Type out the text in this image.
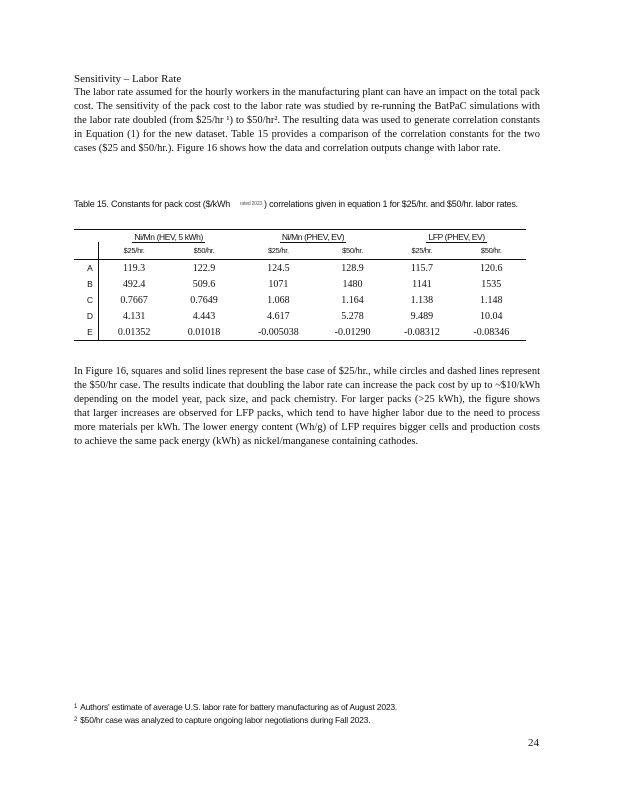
Sensitivity – Labor Rate

The labor rate assumed for the hourly workers in the manufacturing plant can have an impact on the total pack cost. The sensitivity of the pack cost to the labor rate was studied by re-running the BatPaC simulations with the labor rate doubled (from $25/hr ¹) to $50/hr². The resulting data was used to generate correlation constants in Equation (1) for the new dataset. Table 15 provides a comparison of the correlation constants for the two cases ($25 and $50/hr.). Figure 16 shows how the data and correlation outputs change with labor rate.

Table 15. Constants for pack cost ($/kWh rated 2023 ) correlations given in equation 1 for $25/hr. and $50/hr. labor rates.
		Ni/Mn (HEV, 5 kWh)		Ni/Mn (PHEV, EV)		LFP (PHEV, EV)	
		$25/hr.	$50/hr.	$25/hr.	$50/hr.	$25/hr.	$50/hr.
	A	119.3	122.9	124.5	128.9	115.7	120.6
	B	492.4	509.6	1071	1480	1141	1535
	C	0.7667	0.7649	1.068	1.164	1.138	1.148
	D	4.131	4.443	4.617	5.278	9.489	10.04
	E	0.01352	0.01018	-0.005038	-0.01290	-0.08312	-0.08346

In Figure 16, squares and solid lines represent the base case of $25/hr., while circles and dashed lines represent the $50/hr case. The results indicate that doubling the labor rate can increase the pack cost by up to ~$10/kWh depending on the model year, pack size, and pack chemistry. For larger packs (>25 kWh), the figure shows that larger increases are observed for LFP packs, which tend to have higher labor due to the need to process more materials per kWh. The lower energy content (Wh/g) of LFP requires bigger cells and production costs to achieve the same pack energy (kWh) as nickel/manganese containing cathodes.

$^1$ Authors' estimate of average U.S. labor rate for battery manufacturing as of August 2023.
$^2$ $50/hr case was analyzed to capture ongoing labor negotiations during Fall 2023.
24
